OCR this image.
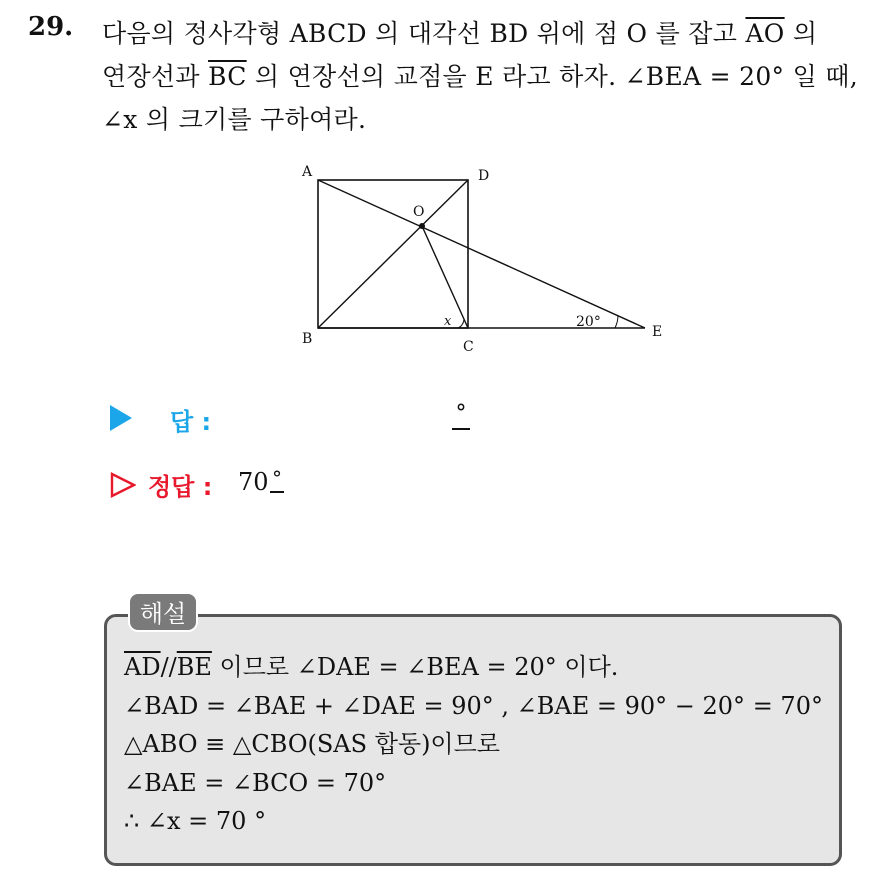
29. 다음의 정사각형 ABCD 의 대각선 BD 위에 점 O 를 잡고 $\overline{AO}$ 의
연장선과 $\overline{BC}$ 의 연장선의 교점을 E 라고 하자. ∠BEA = 20° 일 때,
∠x 의 크기를 구하여라.
A	D
B	C
E
O
x	20°
답 :	°
정답 : 70 °
해설
$\overline{AD}//\overline{BE}$ 이므로 ∠DAE = ∠BEA = 20° 이다.
∠BAD = ∠BAE + ∠DAE = 90° , ∠BAE = 90° − 20° = 70°
△ABO ≡ △CBO(SAS 합동)이므로
∠BAE = ∠BCO = 70°
∴ ∠x = 70 °
